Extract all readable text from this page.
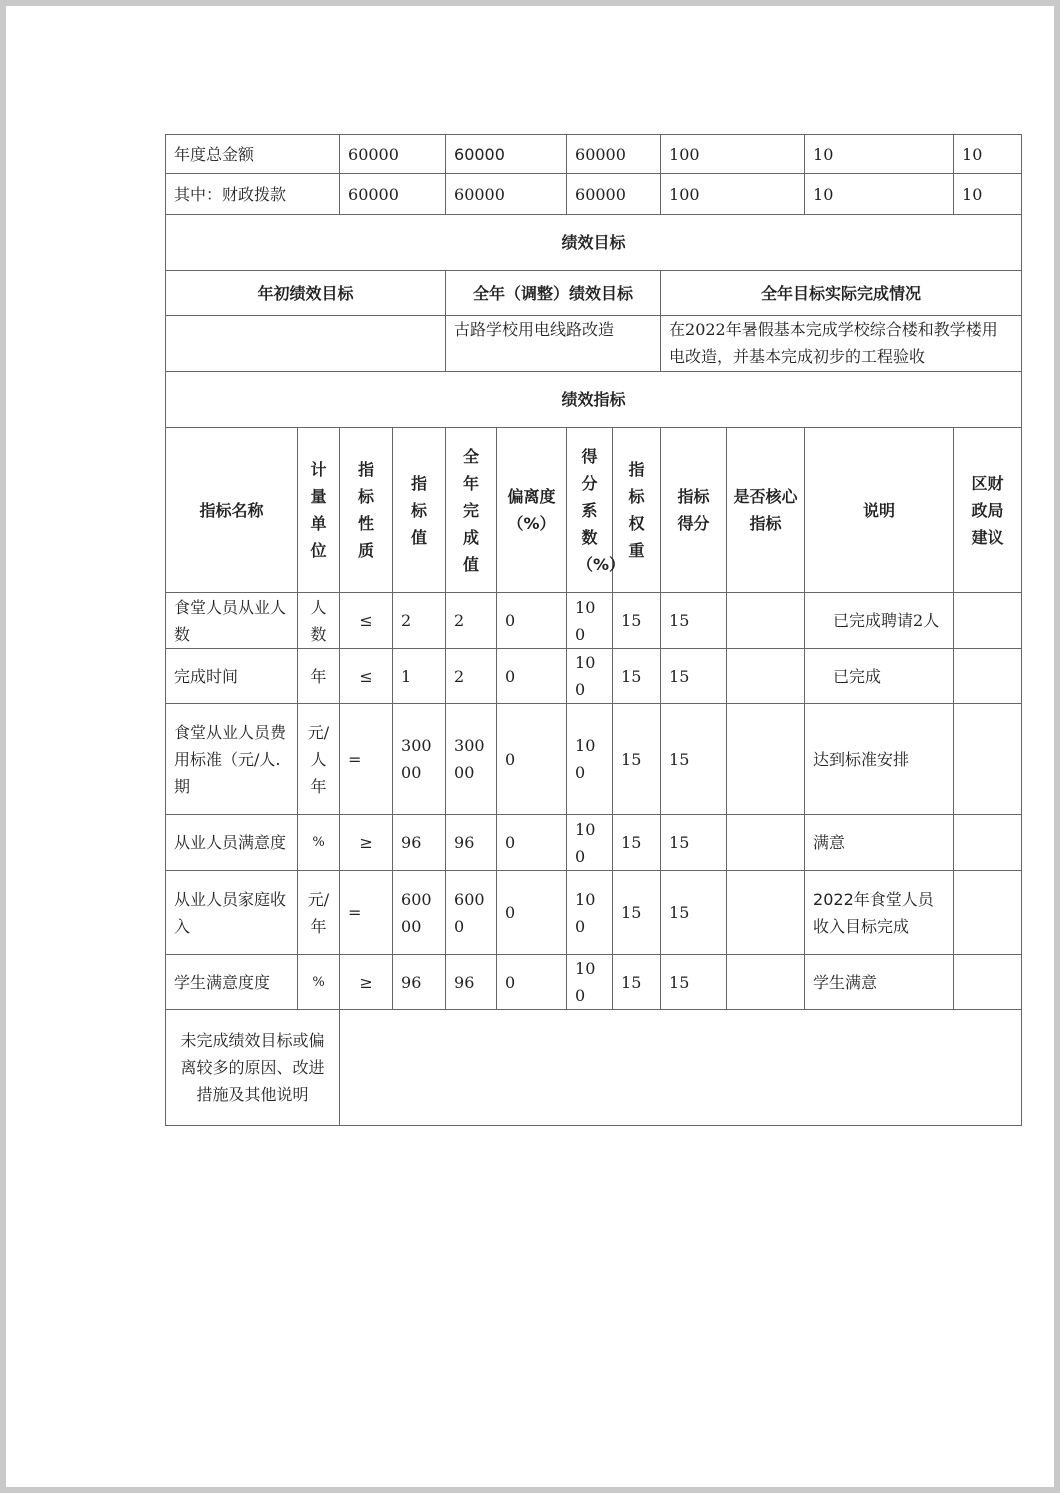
年度总金额		60000		60000		60000		100		10	10
其中：财政拨款		60000		60000		60000		100		10	10
绩效目标											
年初绩效目标				全年（调整）绩效目标				全年目标实际完成情况			
				古路学校用电线路改造				在2022年暑假基本完成学校综合楼和教学楼用电改造，并基本完成初步的工程验收			
绩效指标											
指标名称	计量单位	指标性质	指标值	全年完成值	偏离度（%）	得分系数（%）	指标权重	指标得分	是否核心指标	说明	区财政局建议
食堂人员从业人数	人数	≤	2	2	0	100	15	15		已完成聘请2人	
完成时间	年	≤	1	2	0	100	15	15		已完成	
食堂从业人员费用标准（元/人.期	元/人年	=	30000	30000	0	100	15	15		达到标准安排	
从业人员满意度	%	≥	96	96	0	100	15	15		满意	
从业人员家庭收入	元/年	=	60000	6000	0	100	15	15		2022年食堂人员收入目标完成	
学生满意度度	%	≥	96	96	0	100	15	15		学生满意	
未完成绩效目标或偏离较多的原因、改进措施及其他说明											
